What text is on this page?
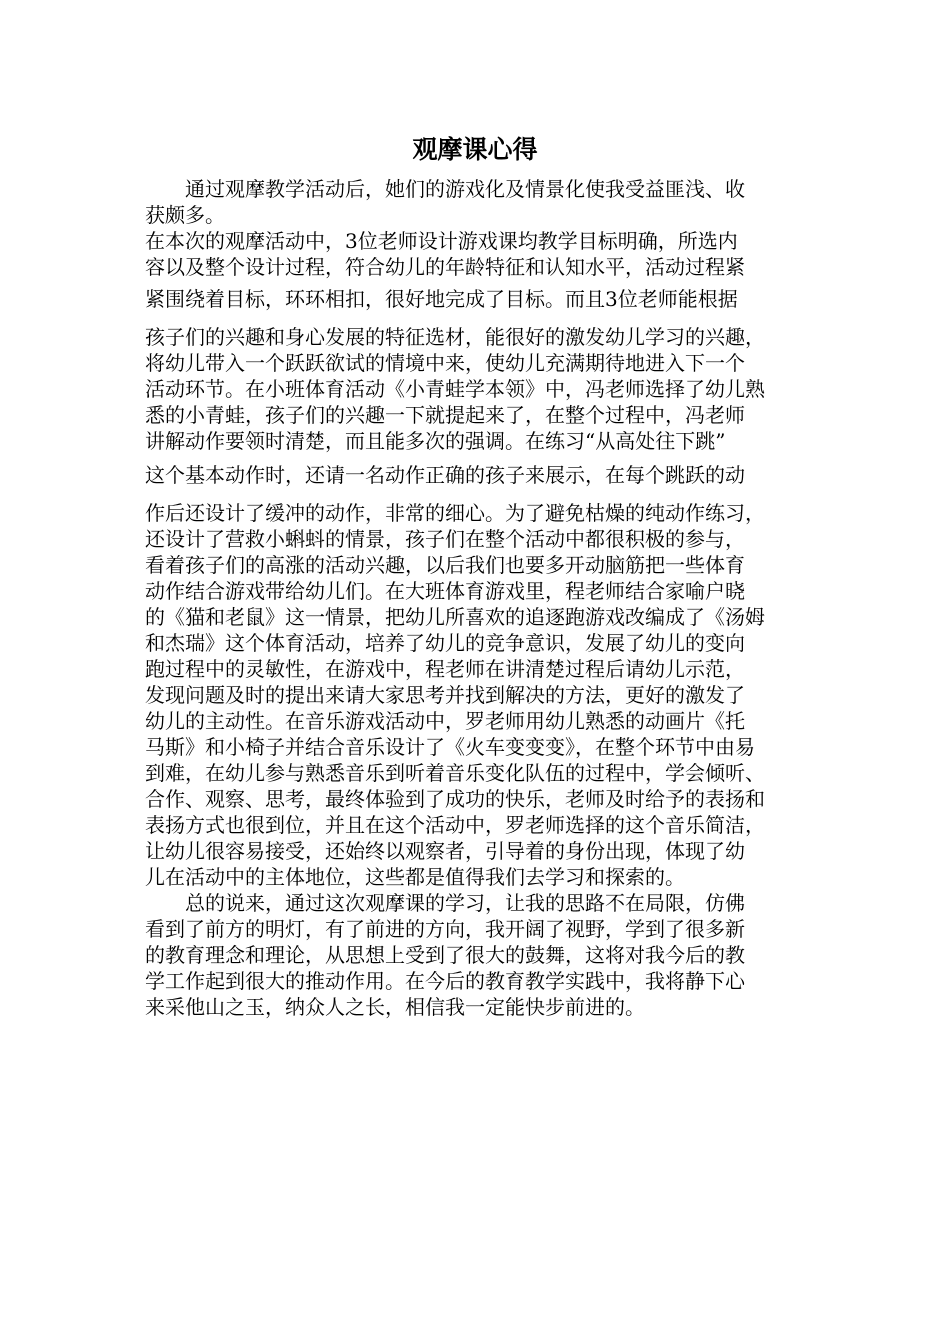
观摩课心得

　　通过观摩教学活动后，她们的游戏化及情景化使我受益匪浅、收

获颇多。

在本次的观摩活动中，3位老师设计游戏课均教学目标明确，所选内

容以及整个设计过程，符合幼儿的年龄特征和认知水平，活动过程紧

紧围绕着目标，环环相扣，很好地完成了目标。而且3位老师能根据

孩子们的兴趣和身心发展的特征选材，能很好的激发幼儿学习的兴趣，

将幼儿带入一个跃跃欲试的情境中来，使幼儿充满期待地进入下一个

活动环节。在小班体育活动《小青蛙学本领》中，冯老师选择了幼儿熟

悉的小青蛙，孩子们的兴趣一下就提起来了，在整个过程中，冯老师

讲解动作要领时清楚，而且能多次的强调。在练习“从高处往下跳”

这个基本动作时，还请一名动作正确的孩子来展示，在每个跳跃的动

作后还设计了缓冲的动作，非常的细心。为了避免枯燥的纯动作练习，

还设计了营救小蝌蚪的情景，孩子们在整个活动中都很积极的参与，

看着孩子们的高涨的活动兴趣，以后我们也要多开动脑筋把一些体育

动作结合游戏带给幼儿们。在大班体育游戏里，程老师结合家喻户晓

的《猫和老鼠》这一情景，把幼儿所喜欢的追逐跑游戏改编成了《汤姆

和杰瑞》这个体育活动，培养了幼儿的竞争意识，发展了幼儿的变向

跑过程中的灵敏性，在游戏中，程老师在讲清楚过程后请幼儿示范，

发现问题及时的提出来请大家思考并找到解决的方法，更好的激发了

幼儿的主动性。在音乐游戏活动中，罗老师用幼儿熟悉的动画片《托

马斯》和小椅子并结合音乐设计了《火车变变变》，在整个环节中由易

到难，在幼儿参与熟悉音乐到听着音乐变化队伍的过程中，学会倾听、

合作、观察、思考，最终体验到了成功的快乐，老师及时给予的表扬和

表扬方式也很到位，并且在这个活动中，罗老师选择的这个音乐简洁，

让幼儿很容易接受，还始终以观察者，引导着的身份出现，体现了幼

儿在活动中的主体地位，这些都是值得我们去学习和探索的。

　　总的说来，通过这次观摩课的学习，让我的思路不在局限，仿佛

看到了前方的明灯，有了前进的方向，我开阔了视野，学到了很多新

的教育理念和理论，从思想上受到了很大的鼓舞，这将对我今后的教

学工作起到很大的推动作用。在今后的教育教学实践中，我将静下心

来采他山之玉，纳众人之长，相信我一定能快步前进的。
